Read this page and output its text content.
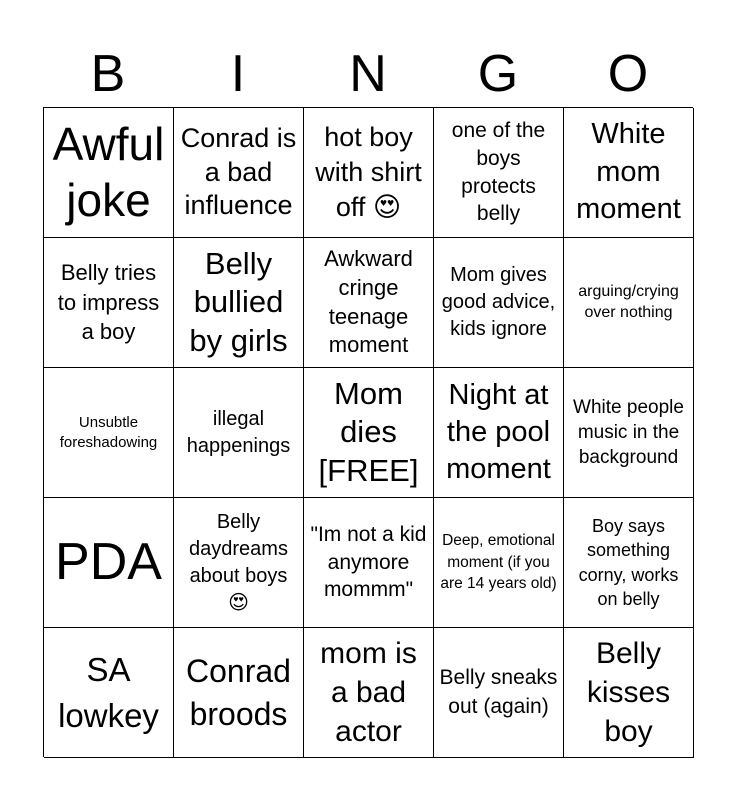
B	I	N	G	O
Awful joke
Conrad is a bad influence
hot boy with shirt off 😍
one of the boys protects belly
White mom moment
Belly tries to impress a boy
Belly bullied by girls
Awkward cringe teenage moment
Mom gives good advice, kids ignore
arguing/crying over nothing
Unsubtle foreshadowing
illegal happenings
Mom dies [FREE]
Night at the pool moment
White people music in the background
PDA
Belly daydreams about boys 😍
"Im not a kid anymore mommm"
Deep, emotional moment (if you are 14 years old)
Boy says something corny, works on belly
SA lowkey
Conrad broods
mom is a bad actor
Belly sneaks out (again)
Belly kisses boy
